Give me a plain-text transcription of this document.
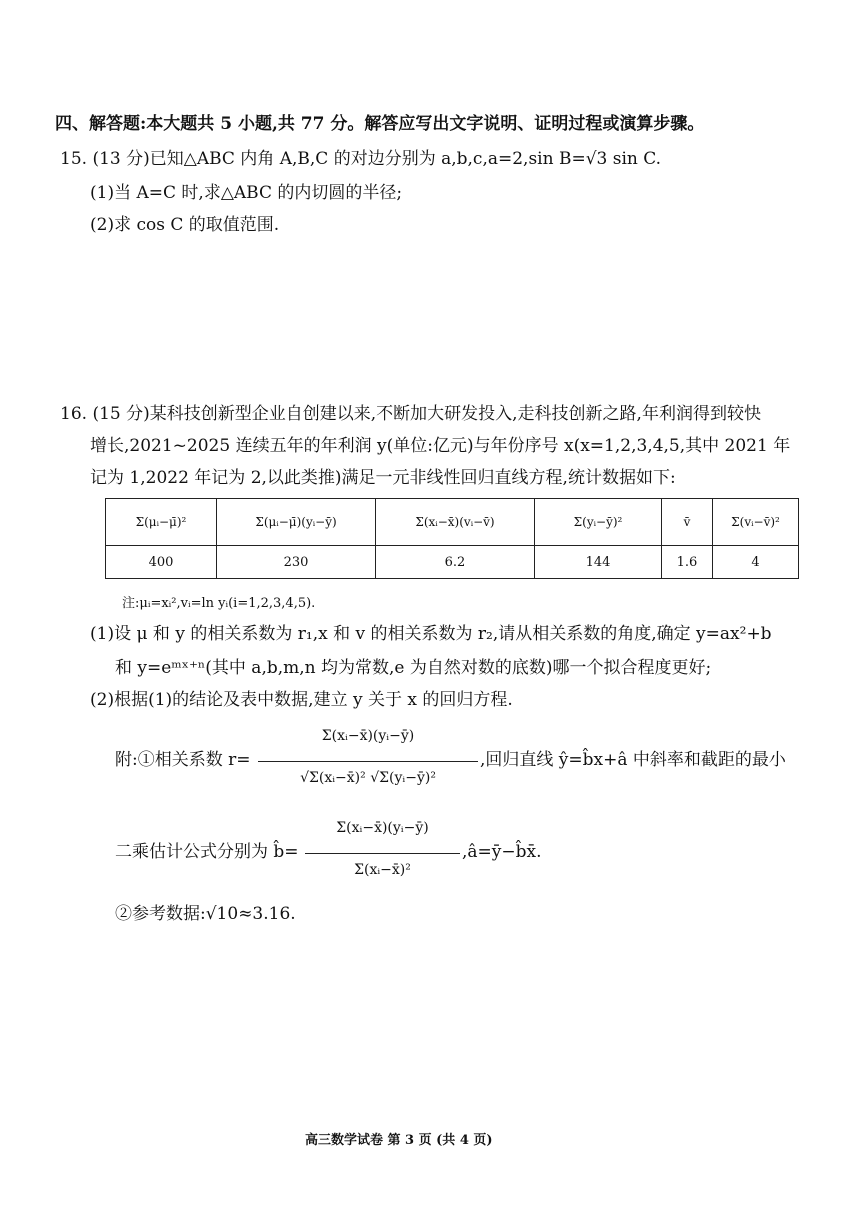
四、解答题:本大题共 5 小题,共 77 分。解答应写出文字说明、证明过程或演算步骤。
15. (13 分)已知△ABC 内角 A,B,C 的对边分别为 a,b,c,a=2,sin B=√3 sin C.
(1)当 A=C 时,求△ABC 的内切圆的半径;
(2)求 cos C 的取值范围.
16. (15 分)某科技创新型企业自创建以来,不断加大研发投入,走科技创新之路,年利润得到较快
增长,2021~2025 连续五年的年利润 y(单位:亿元)与年份序号 x(x=1,2,3,4,5,其中 2021 年
记为 1,2022 年记为 2,以此类推)满足一元非线性回归直线方程,统计数据如下:
Σ(μᵢ−μ̄)²	Σ(μᵢ−μ̄)(yᵢ−ȳ)	Σ(xᵢ−x̄)(vᵢ−v̄)	Σ(yᵢ−ȳ)²	v̄	Σ(vᵢ−v̄)²
400	230	6.2	144	1.6	4
注:μᵢ=xᵢ²,vᵢ=ln yᵢ(i=1,2,3,4,5).
(1)设 μ 和 y 的相关系数为 r₁,x 和 v 的相关系数为 r₂,请从相关系数的角度,确定 y=ax²+b
和 y=eᵐˣ⁺ⁿ(其中 a,b,m,n 均为常数,e 为自然对数的底数)哪一个拟合程度更好;
(2)根据(1)的结论及表中数据,建立 y 关于 x 的回归方程.
附:①相关系数 r=
Σ(xᵢ−x̄)(yᵢ−ȳ)
√Σ(xᵢ−x̄)² √Σ(yᵢ−ȳ)²
,回归直线 ŷ=b̂x+â 中斜率和截距的最小
二乘估计公式分别为 b̂=
Σ(xᵢ−x̄)(yᵢ−ȳ)
Σ(xᵢ−x̄)²
,â=ȳ−b̂x̄.
②参考数据:√10≈3.16.
高三数学试卷 第 3 页 (共 4 页)
